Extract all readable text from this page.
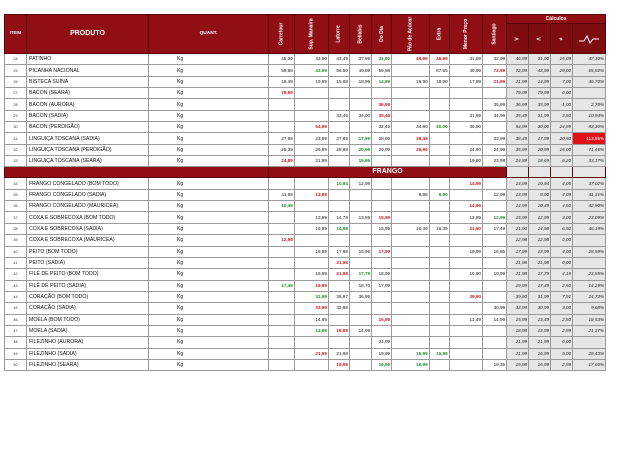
ITEM	PRODUTO	QUANT.	Carrefour	Sup. Manaíra	Latorre	Bellabis	Do Dia	Pão de Açúcar	Extra	Menor Preço	Santiago	Cálculos			
												V	Λ	≠	
24	PATINHO	Kg	45,30	43,90	43,49	37,99	31,90	46,99	46,99	41,59	42,99	46,99	31,90	15,09	47,30%
25	PICANHA NACIONAL	Kg	59,98	43,99	56,50	49,99	59,98		67,55	49,99	72,99	72,99	43,99	29,00	65,92%
26	BISTECA SUÍNA	Kg	19,49	19,99	19,68	18,99	14,99	19,90	18,90	17,99	21,99	21,99	14,99	7,00	46,70%
27	BACON (SEARA)	Kg	79,99									79,99	79,99	0,00	
28	BACON (AURORA)	Kg					36,99				35,99	36,99	35,99	1,00	2,78%
29	BACON (SADIA)	Kg			33,45	34,00	35,49			31,99	34,99	35,49	31,99	3,50	10,94%
30	BACON (PERDIGÃO)	Kg		54,99			32,49	34,90	30,00	36,90		54,99	30,00	24,99	83,30%
31	LINGUIÇA TOSCANA (SADIA)	Kg	27,99	23,99	27,89	17,99	28,99	38,49			23,99	38,49	17,99	20,50	113,95%
32	LINGUIÇA TOSCANA (PERDIGÃO)	Kg	25,39	26,99	28,98	20,99	29,99	35,99		24,90	24,99	35,99	20,99	15,00	71,46%
33	LINGUIÇA TOSCANA (SEARA)	Kg	24,89	21,99		18,69				19,80	23,99	24,89	18,69	6,20	33,17%
			FRANGO												
34	FRANGO CONGELADO (BOM TODO)	Kg			10,94	12,99				14,99		14,99	10,94	4,05	37,02%
35	FRANGO CONGELADO (SADIA)	Kg	11,99	13,99				9,98	9,90		12,99	13,99	9,90	4,09	41,31%
36	FRANGO CONGELADO (MAURICEA)	Kg	10,49							14,99		14,99	10,49	4,50	42,90%
37	COXA E SOBRECOXA (BOM TODO)	Kg		13,99	14,79	13,59	15,99			13,99	12,99	15,99	12,99	3,00	23,09%
38	COXA E SOBRECOXA (SADIA)	Kg		16,99	14,98		15,99	16,39	16,39	21,90	17,49	21,90	14,98	6,92	46,19%
39	COXA E SOBRECOXA (MAURICEA)	Kg	12,98									12,98	12,98	0,00	
40	PEITO (BOM TODO)	Kg		16,99	17,98	15,99	17,99			19,99	16,85	17,99	13,99	4,00	28,59%
41	PEITO (SADIA)	Kg			21,98							21,98	21,98	0,00	
42	FILÉ DE PEITO (BOM TODO)	Kg		18,99	21,98	17,79	18,99			19,90	19,99	21,98	17,79	4,19	23,55%
43	FILÉ DE PEITO (SADIA)	Kg	17,49	19,99		18,70	17,99					19,99	17,49	2,50	14,29%
44	CORAÇÃO (BOM TODO)	Kg		31,99	38,97	36,99				39,90		39,90	31,99	7,91	24,73%
45	CORAÇÃO (SADIA)	Kg		33,99	33,98						30,99	33,99	30,99	3,00	9,68%
46	MOELA (BOM TODO)	Kg		14,99			15,99			13,49	14,99	15,99	13,49	2,50	18,53%
47	MOELA (SADIA)	Kg		13,99	18,98	14,99						18,98	13,99	2,99	21,37%
48	FILEZINHO (AURORA)	Kg					21,99					21,99	21,99	0,00	
49	FILEZINHO (SADIA)	Kg		21,99	21,98		19,99	16,99	16,99			21,99	16,99	5,00	29,43%
50	FILEZINHO (SEARA)	Kg			19,98		16,99	16,99			19,35	19,98	16,99	2,99	17,60%
